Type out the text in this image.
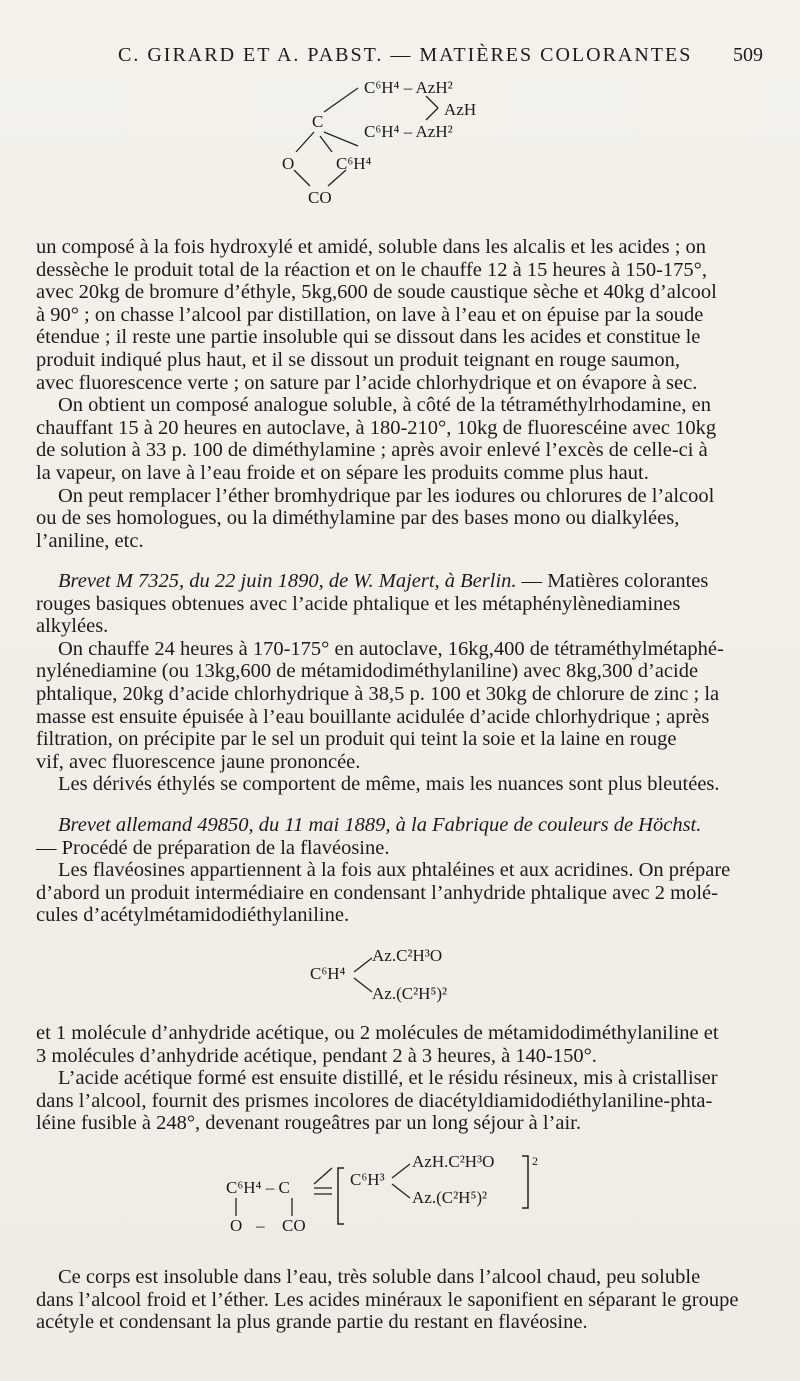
C. GIRARD ET A. PABST. — MATIÈRES COLORANTES 509
C⁶H⁴ – AzH²
AzH
C
C⁶H⁴ – AzH²
O C⁶H⁴
CO

un composé à la fois hydroxylé et amidé, soluble dans les alcalis et les acides ; on

dessèche le produit total de la réaction et on le chauffe 12 à 15 heures à 150-175°,

avec 20kg de bromure d’éthyle, 5kg,600 de soude caustique sèche et 40kg d’alcool

à 90° ; on chasse l’alcool par distillation, on lave à l’eau et on épuise par la soude

étendue ; il reste une partie insoluble qui se dissout dans les acides et constitue le

produit indiqué plus haut, et il se dissout un produit teignant en rouge saumon,

avec fluorescence verte ; on sature par l’acide chlorhydrique et on évapore à sec.

On obtient un composé analogue soluble, à côté de la tétraméthylrhodamine, en

chauffant 15 à 20 heures en autoclave, à 180-210°, 10kg de fluorescéine avec 10kg

de solution à 33 p. 100 de diméthylamine ; après avoir enlevé l’excès de celle-ci à

la vapeur, on lave à l’eau froide et on sépare les produits comme plus haut.

On peut remplacer l’éther bromhydrique par les iodures ou chlorures de l’alcool

ou de ses homologues, ou la diméthylamine par des bases mono ou dialkylées,

l’aniline, etc.

Brevet M 7325, du 22 juin 1890, de W. Majert, à Berlin. — Matières colorantes

rouges basiques obtenues avec l’acide phtalique et les métaphénylènediamines

alkylées.

On chauffe 24 heures à 170-175° en autoclave, 16kg,400 de tétraméthylmétaphé-

nylénediamine (ou 13kg,600 de métamidodiméthylaniline) avec 8kg,300 d’acide

phtalique, 20kg d’acide chlorhydrique à 38,5 p. 100 et 30kg de chlorure de zinc ; la

masse est ensuite épuisée à l’eau bouillante acidulée d’acide chlorhydrique ; après

filtration, on précipite par le sel un produit qui teint la soie et la laine en rouge

vif, avec fluorescence jaune prononcée.

Les dérivés éthylés se comportent de même, mais les nuances sont plus bleutées.

Brevet allemand 49850, du 11 mai 1889, à la Fabrique de couleurs de Höchst.

— Procédé de préparation de la flavéosine.

Les flavéosines appartiennent à la fois aux phtaléines et aux acridines. On prépare

d’abord un produit intermédiaire en condensant l’anhydride phtalique avec 2 molé-

cules d’acétylmétamidodiéthylaniline.

C⁶H⁴
Az.C²H³O
Az.(C²H⁵)²

et 1 molécule d’anhydride acétique, ou 2 molécules de métamidodiméthylaniline et

3 molécules d’anhydride acétique, pendant 2 à 3 heures, à 140-150°.

L’acide acétique formé est ensuite distillé, et le résidu résineux, mis à cristalliser

dans l’alcool, fournit des prismes incolores de diacétyldiamidodiéthylaniline-phta-

léine fusible à 248°, devenant rougeâtres par un long séjour à l’air.

C⁶H⁴ – C	C⁶H³
AzH.C²H³O
Az.(C²H⁵)²
2
O – CO

Ce corps est insoluble dans l’eau, très soluble dans l’alcool chaud, peu soluble

dans l’alcool froid et l’éther. Les acides minéraux le saponifient en séparant le groupe

acétyle et condensant la plus grande partie du restant en flavéosine.
